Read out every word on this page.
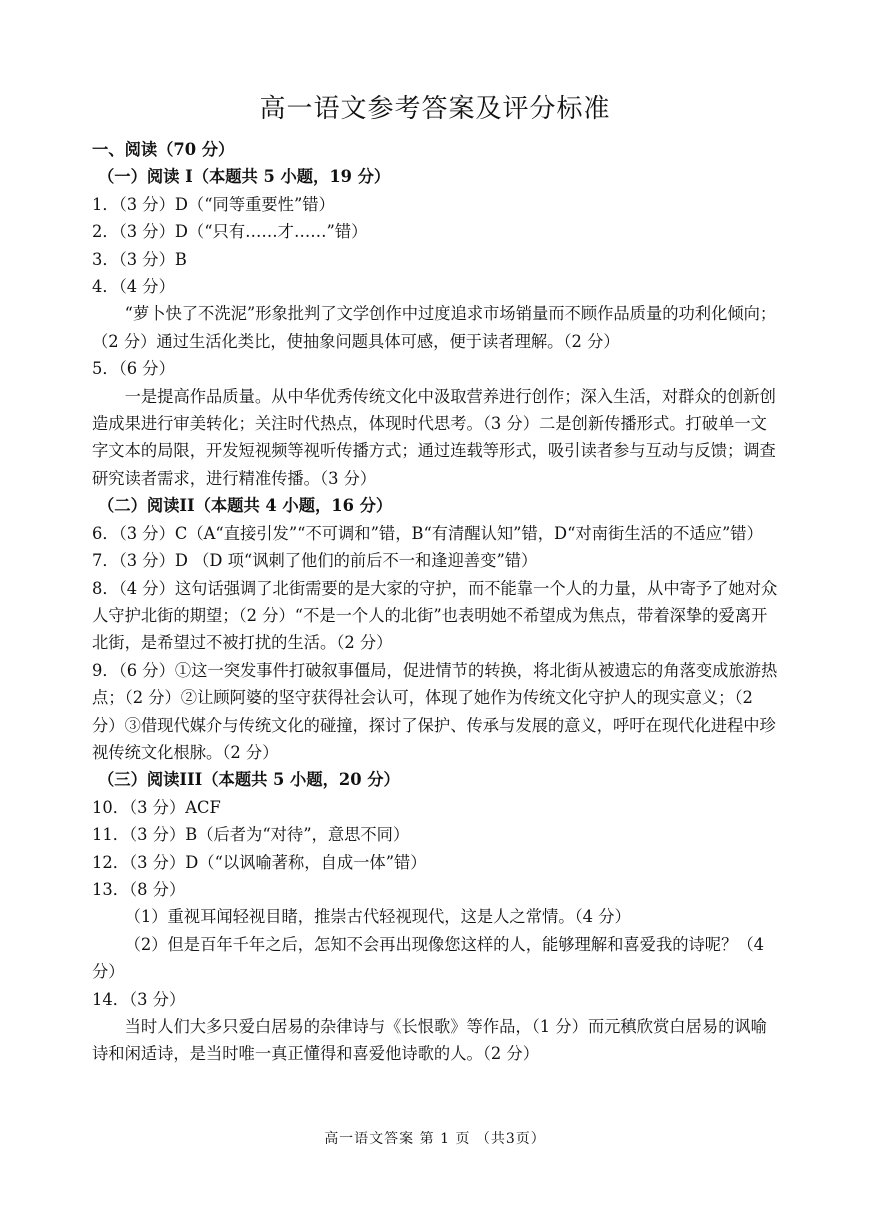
高一语文参考答案及评分标准

一、阅读（70 分）

（一）阅读 I（本题共 5 小题，19 分）

1．（3 分）D（“同等重要性”错）

2．（3 分）D（“只有……才……”错）

3．（3 分）B

4．（4 分）

“萝卜快了不洗泥”形象批判了文学创作中过度追求市场销量而不顾作品质量的功利化倾向；（2 分）通过生活化类比，使抽象问题具体可感，便于读者理解。（2 分）

5．（6 分）

一是提高作品质量。从中华优秀传统文化中汲取营养进行创作；深入生活，对群众的创新创造成果进行审美转化；关注时代热点，体现时代思考。（3 分）二是创新传播形式。打破单一文字文本的局限，开发短视频等视听传播方式；通过连载等形式，吸引读者参与互动与反馈；调查研究读者需求，进行精准传播。（3 分）

（二）阅读II（本题共 4 小题，16 分）

6．（3 分）C（A“直接引发”“不可调和”错，B“有清醒认知”错，D“对南街生活的不适应”错）

7．（3 分）D （D 项“讽刺了他们的前后不一和逢迎善变”错）

8．（4 分）这句话强调了北街需要的是大家的守护，而不能靠一个人的力量，从中寄予了她对众人守护北街的期望；（2 分）“不是一个人的北街”也表明她不希望成为焦点，带着深挚的爱离开北街，是希望过不被打扰的生活。（2 分）

9．（6 分）①这一突发事件打破叙事僵局，促进情节的转换，将北街从被遗忘的角落变成旅游热点；（2 分）②让顾阿婆的坚守获得社会认可，体现了她作为传统文化守护人的现实意义；（2 分）③借现代媒介与传统文化的碰撞，探讨了保护、传承与发展的意义，呼吁在现代化进程中珍视传统文化根脉。（2 分）

（三）阅读III（本题共 5 小题，20 分）

10．（3 分）ACF

11．（3 分）B（后者为“对待”，意思不同）

12．（3 分）D（“以讽喻著称，自成一体”错）

13．（8 分）

（1）重视耳闻轻视目睹，推崇古代轻视现代，这是人之常情。（4 分）

（2）但是百年千年之后，怎知不会再出现像您这样的人，能够理解和喜爱我的诗呢？（4 分）

14．（3 分）

当时人们大多只爱白居易的杂律诗与《长恨歌》等作品，（1 分）而元稹欣赏白居易的讽喻诗和闲适诗，是当时唯一真正懂得和喜爱他诗歌的人。（2 分）

高一语文答案 第 1 页 （共3页）
